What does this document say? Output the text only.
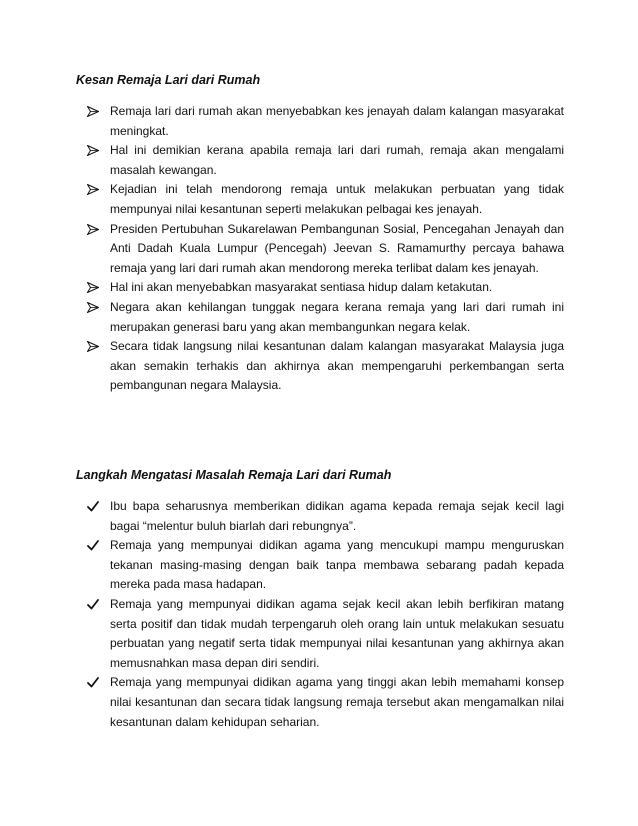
Kesan Remaja Lari dari Rumah
Remaja lari dari rumah akan menyebabkan kes jenayah dalam kalangan masyarakat meningkat.
Hal ini demikian kerana apabila remaja lari dari rumah, remaja akan mengalami masalah kewangan.
Kejadian ini telah mendorong remaja untuk melakukan perbuatan yang tidak mempunyai nilai kesantunan seperti melakukan pelbagai kes jenayah.
Presiden Pertubuhan Sukarelawan Pembangunan Sosial, Pencegahan Jenayah dan Anti Dadah Kuala Lumpur (Pencegah) Jeevan S. Ramamurthy percaya bahawa remaja yang lari dari rumah akan mendorong mereka terlibat dalam kes jenayah.
Hal ini akan menyebabkan masyarakat sentiasa hidup dalam ketakutan.
Negara akan kehilangan tunggak negara kerana remaja yang lari dari rumah ini merupakan generasi baru yang akan membangunkan negara kelak.
Secara tidak langsung nilai kesantunan dalam kalangan masyarakat Malaysia juga akan semakin terhakis dan akhirnya akan mempengaruhi perkembangan serta pembangunan negara Malaysia.
Langkah Mengatasi Masalah Remaja Lari dari Rumah
Ibu bapa seharusnya memberikan didikan agama kepada remaja sejak kecil lagi bagai “melentur buluh biarlah dari rebungnya”.
Remaja yang mempunyai didikan agama yang mencukupi mampu menguruskan tekanan masing-masing dengan baik tanpa membawa sebarang padah kepada mereka pada masa hadapan.
Remaja yang mempunyai didikan agama sejak kecil akan lebih berfikiran matang serta positif dan tidak mudah terpengaruh oleh orang lain untuk melakukan sesuatu perbuatan yang negatif serta tidak mempunyai nilai kesantunan yang akhirnya akan memusnahkan masa depan diri sendiri.
Remaja yang mempunyai didikan agama yang tinggi akan lebih memahami konsep nilai kesantunan dan secara tidak langsung remaja tersebut akan mengamalkan nilai kesantunan dalam kehidupan seharian.
